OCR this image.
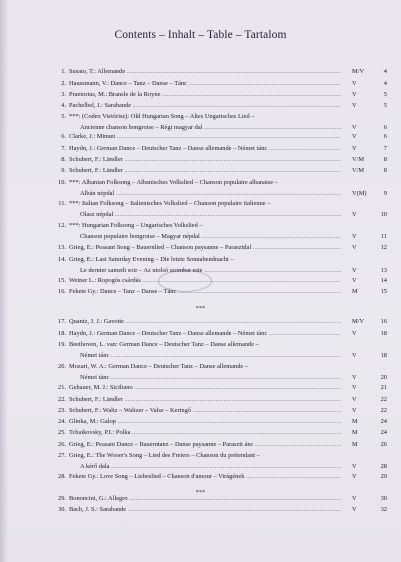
Contents – Inhalt – Table – Tartalom
***
***
1. Susato, T.: Allemande .....	M/V	4
2. Haussmann, V.: Dance – Tanz – Danse – Tánc .....	V	4
3. Praetorius, M.: Bransle de la Royne .....	V	5
4. Pachelbel, J.: Sarabande .....	V	5
5. ***: (Codex Vietórisz): Old Hungarian Song – Altes Ungarisches Lied –
Ancienne chanson hongroise – Régi magyar dal .....	V	6
6. Clarke, J.: Minuet .....	V	6
7. Haydn, J.: German Dance – Deutscher Tanz – Danse allemande – Német tánc .....	V	7
8. Schubert, F.: Ländler .....	V/M	8
9. Schubert, F.: Ländler .....	V/M	8
10. ***: Albanian Folksong – Albanisches Volkslied – Chanson populaire albanaise –
Albán népdal .....	V(M)	9
11. ***: Italian Folksong – Italienisches Volkslied – Chanson populaire italienne –
Olasz népdal .....	V	10
12. ***: Hungarian Folksong – Ungarisches Volkslied –
Chanson populaire hongroise – Magyar népdal .....	V	11
13. Grieg, E.: Peasant Song – Bauernlied – Chanson paysanne – Parasztdal .....	V	12
14. Grieg, E.: Last Saturday Evening – Die letzte Sonnabendnacht –
Le dernier samedi soir – Az utolsó szombat este .....	V	13
15. Weiner L.: Ropogós csárdás .....	V	14
16. Fekete Gy.: Dance – Tanz – Danse – Tánc .....	M	15
17. Quantz, J. J.: Gavotte .....	M/V	16
18. Haydn, J.: German Dance – Deutscher Tanz – Danse allemande – Német tánc .....	V	18
19. Beethoven, L. van: German Dance – Deutscher Tanz – Danse allemande –
Német tánc .....	V	18
20. Mozart, W. A.: German Dance – Deutscher Tanz – Danse allemande –
Német tánc .....	V	20
21. Gehauer, M. J.: Siciliano .....	V	21
22. Schubert, F.: Ländler .....	V	22
23. Schubert, F.: Waltz – Waltzer – Valse – Keringő .....	V	22
24. Glinka, M.: Galop .....	M	24
25. Tchaikovsky, P.I.: Polka .....	M	24
26. Grieg, E.: Peasant Dance – Bauerntanz – Danse paysanne – Parasztt ánc .....	M	26
27. Grieg, E.: The Wooer's Song – Lied des Freiers – Chanson du prétendant –
A kérő dala .....	V	28
28. Fekete Gy.: Love Song – Liebeslied – Chanson d'amour – Virágének .....	V	29
29. Bononcini, G.: Allegro .....	V	30
30. Bach, J. S.: Sarabande .....	V	32
